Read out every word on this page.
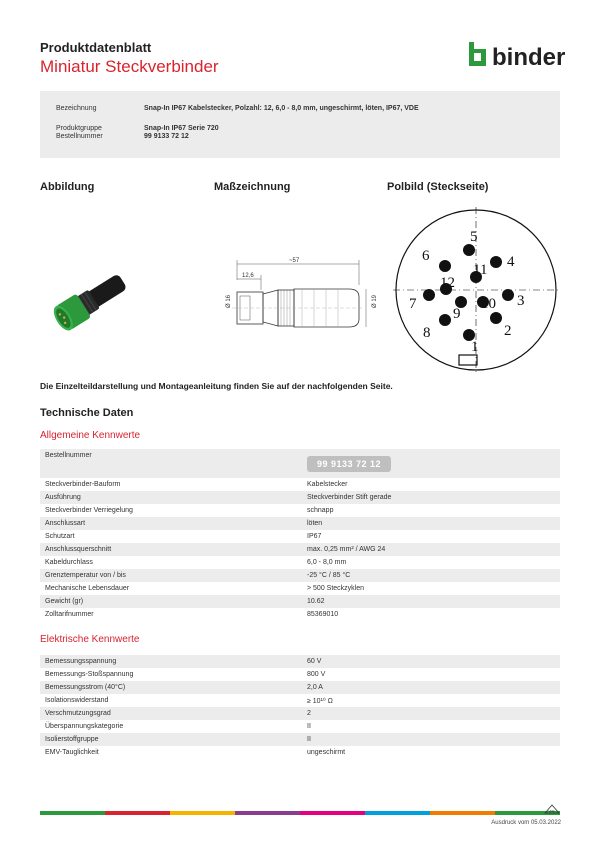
Produktdatenblatt
Miniatur Steckverbinder	binder
Bezeichnung	Snap-In IP67 Kabelstecker, Polzahl: 12, 6,0 - 8,0 mm, ungeschirmt, löten, IP67, VDE
Produktgruppe	Snap-In IP67 Serie 720
Bestellnummer	99 9133 72 12
Abbildung	Maßzeichnung	Polbild (Steckseite)
~57
12,6
Ø 16	Ø 19
1
2
3
4
5
6
7
8
9
10
11
12
Die Einzelteildarstellung und Montageanleitung finden Sie auf der nachfolgenden Seite.
Technische Daten
Allgemeine Kennwerte
Bestellnummer	99 9133 72 12
Steckverbinder-Bauform	Kabelstecker
Ausführung	Steckverbinder Stift gerade
Steckverbinder Verriegelung	schnapp
Anschlussart	löten
Schutzart	IP67
Anschlussquerschnitt	max. 0,25 mm² / AWG 24
Kabeldurchlass	6,0 - 8,0 mm
Grenztemperatur von / bis	-25 °C / 85 °C
Mechanische Lebensdauer	> 500 Steckzyklen
Gewicht (gr)	10.62
Zolltarifnummer	85369010
Elektrische Kennwerte
Bemessungsspannung	60 V
Bemessungs-Stoßspannung	800 V
Bemessungsstrom (40°C)	2,0 A
Isolationswiderstand	≥ 10¹⁰ Ω
Verschmutzungsgrad	2
Überspannungskategorie	II
Isolierstoffgruppe	II
EMV-Tauglichkeit	ungeschirmt
VDE
Ausdruck vom 05.03.2022
